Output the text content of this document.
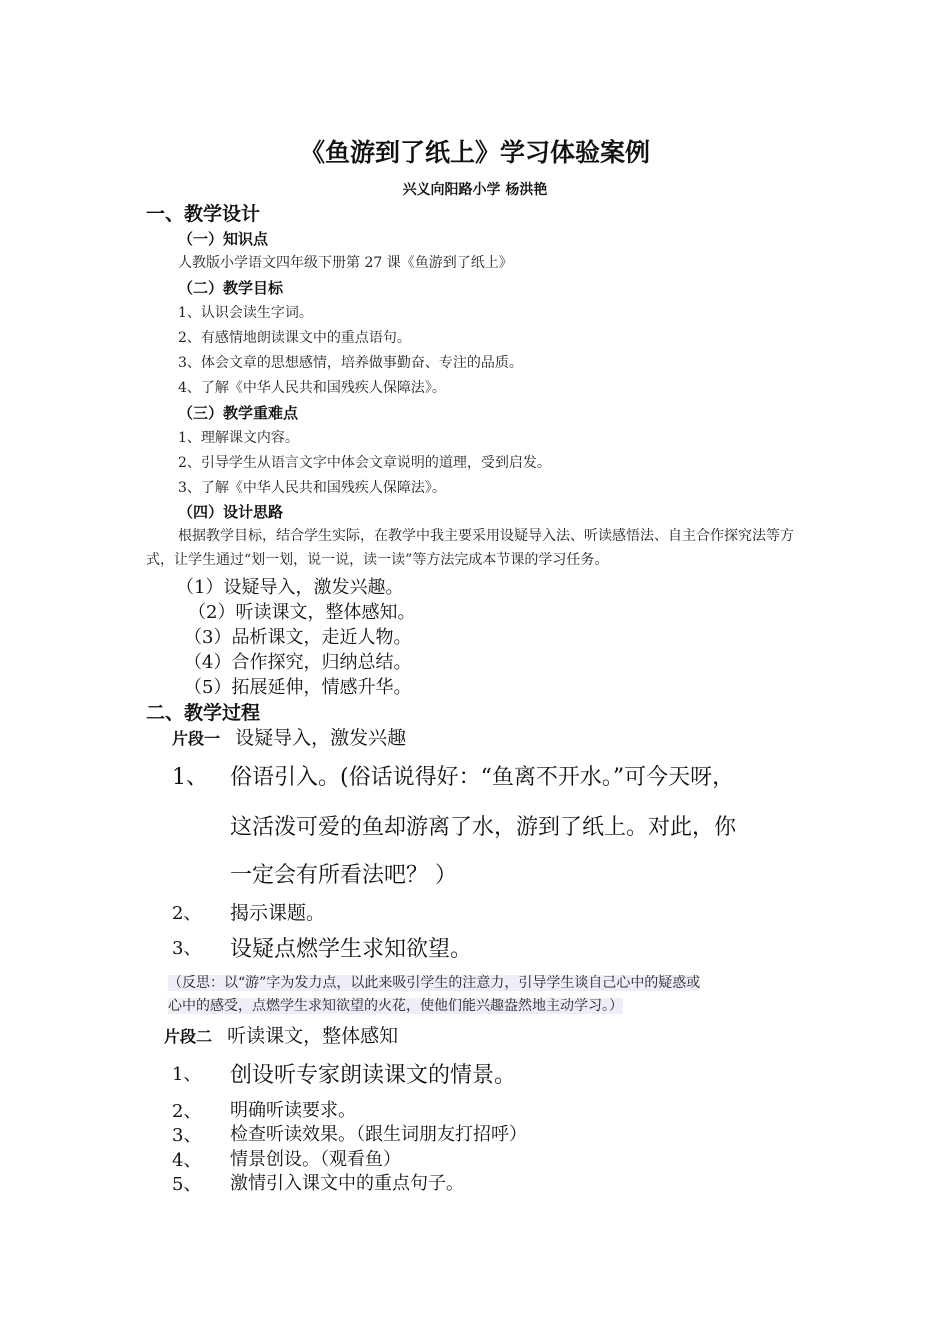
《鱼游到了纸上》学习体验案例
兴义向阳路小学 杨洪艳
一、教学设计
（一）知识点
人教版小学语文四年级下册第 27 课《鱼游到了纸上》
（二）教学目标
1、认识会读生字词。
2、有感情地朗读课文中的重点语句。
3、体会文章的思想感情，培养做事勤奋、专注的品质。
4、了解《中华人民共和国残疾人保障法》。
（三）教学重难点
1、理解课文内容。
2、引导学生从语言文字中体会文章说明的道理，受到启发。
3、了解《中华人民共和国残疾人保障法》。
（四）设计思路
根据教学目标，结合学生实际，在教学中我主要采用设疑导入法、听读感悟法、自主合作探究法等方式，让学生通过“划一划，说一说，读一读”等方法完成本节课的学习任务。
（1）设疑导入，激发兴趣。
（2）听读课文，整体感知。
（3）品析课文，走近人物。
（4）合作探究，归纳总结。
（5）拓展延伸，情感升华。
二、教学过程
片段一 设疑导入，激发兴趣
1、 俗语引入。(俗话说得好：“鱼离不开水。”可今天呀，
这活泼可爱的鱼却游离了水，游到了纸上。对此，你
一定会有所看法吧？ ）
2、 揭示课题。
3、 设疑点燃学生求知欲望。
（反思：以“游”字为发力点，以此来吸引学生的注意力，引导学生谈自己心中的疑惑或
心中的感受，点燃学生求知欲望的火花，使他们能兴趣盎然地主动学习。）
片段二 听读课文，整体感知
1、 创设听专家朗读课文的情景。
2、 明确听读要求。
3、 检查听读效果。（跟生词朋友打招呼）
4、 情景创设。（观看鱼）
5、 激情引入课文中的重点句子。
